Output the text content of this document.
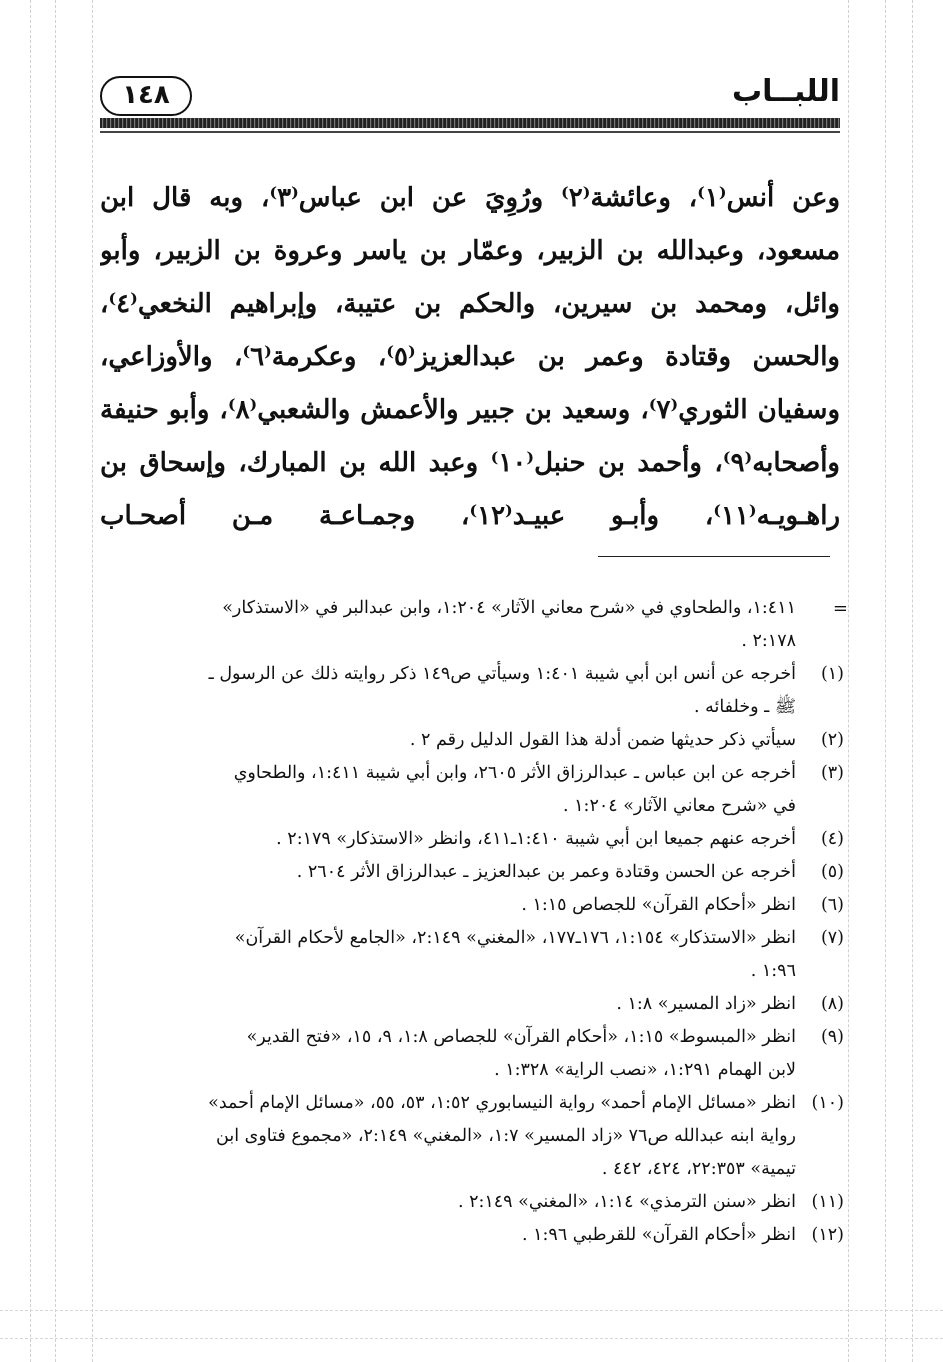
١٤٨	اللبــاب
وعن أنس⁽١⁾، وعائشة⁽٢⁾ ورُوِيَ عن ابن عباس⁽٣⁾، وبه قال ابن
مسعود، وعبدالله بن الزبير، وعمّار بن ياسر وعروة بن الزبير، وأبو
وائل، ومحمد بن سيرين، والحكم بن عتيبة، وإبراهيم النخعي⁽٤⁾،
والحسن وقتادة وعمر بن عبدالعزيز⁽٥⁾، وعكرمة⁽٦⁾، والأوزاعي،
وسفيان الثوري⁽٧⁾، وسعيد بن جبير والأعمش والشعبي⁽٨⁾، وأبو حنيفة
وأصحابه⁽٩⁾، وأحمد بن حنبل⁽١٠⁾ وعبد الله بن المبارك، وإسحاق بن
راهـويـه⁽١١⁾، وأبـو عبيـد⁽١٢⁾، وجمـاعـة مـن أصحـاب
=
١:٤١١، والطحاوي في «شرح معاني الآثار» ١:٢٠٤، وابن عبدالبر في «الاستذكار»
٢:١٧٨ .
(١)
أخرجه عن أنس ابن أبي شيبة ١:٤٠١ وسيأتي ص١٤٩ ذكر روايته ذلك عن الرسول ـ
ﷺ ـ وخلفائه .
(٢)
سيأتي ذكر حديثها ضمن أدلة هذا القول الدليل رقم ٢ .
(٣)
أخرجه عن ابن عباس ـ عبدالرزاق الأثر ٢٦٠٥، وابن أبي شيبة ١:٤١١، والطحاوي
في «شرح معاني الآثار» ١:٢٠٤ .
(٤)
أخرجه عنهم جميعا ابن أبي شيبة ١:٤١٠ـ٤١١، وانظر «الاستذكار» ٢:١٧٩ .
(٥)
أخرجه عن الحسن وقتادة وعمر بن عبدالعزيز ـ عبدالرزاق الأثر ٢٦٠٤ .
(٦)
انظر «أحكام القرآن» للجصاص ١:١٥ .
(٧)
انظر «الاستذكار» ١:١٥٤، ١٧٦ـ١٧٧، «المغني» ٢:١٤٩، «الجامع لأحكام القرآن»
١:٩٦ .
(٨)
انظر «زاد المسير» ١:٨ .
(٩)
انظر «المبسوط» ١:١٥، «أحكام القرآن» للجصاص ١:٨، ٩، ١٥، «فتح القدير»
لابن الهمام ١:٢٩١، «نصب الراية» ١:٣٢٨ .
(١٠)
انظر «مسائل الإمام أحمد» رواية النيسابوري ١:٥٢، ٥٣، ٥٥، «مسائل الإمام أحمد»
رواية ابنه عبدالله ص٧٦ «زاد المسير» ١:٧، «المغني» ٢:١٤٩، «مجموع فتاوى ابن
تيمية» ٢٢:٣٥٣، ٤٢٤، ٤٤٢ .
(١١)
انظر «سنن الترمذي» ١:١٤، «المغني» ٢:١٤٩ .
(١٢)
انظر «أحكام القرآن» للقرطبي ١:٩٦ .
